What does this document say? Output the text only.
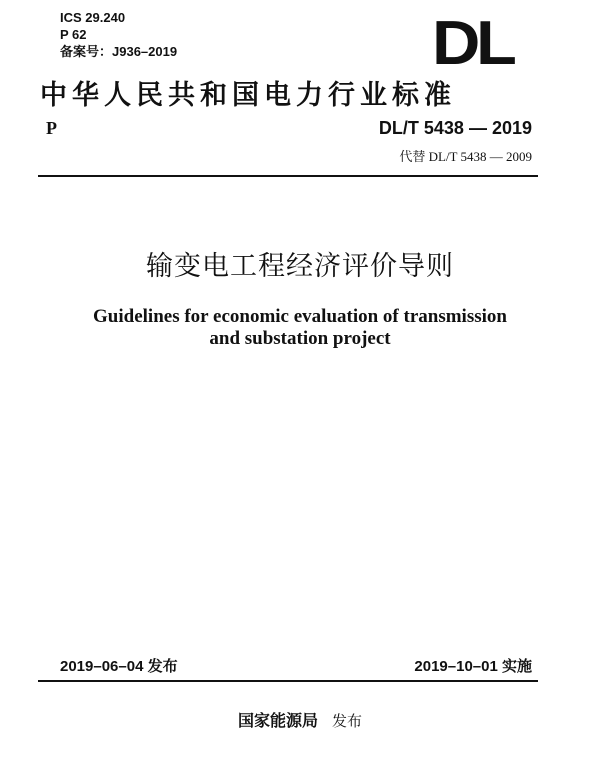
ICS 29.240
P 62
备案号：J936–2019	DL
中华人民共和国电力行业标准
P	DL/T 5438 — 2019
代替 DL/T 5438 — 2009
输变电工程经济评价导则
Guidelines for economic evaluation of transmission
and substation project
2019–06–04 发布	2019–10–01 实施
国家能源局 发布
